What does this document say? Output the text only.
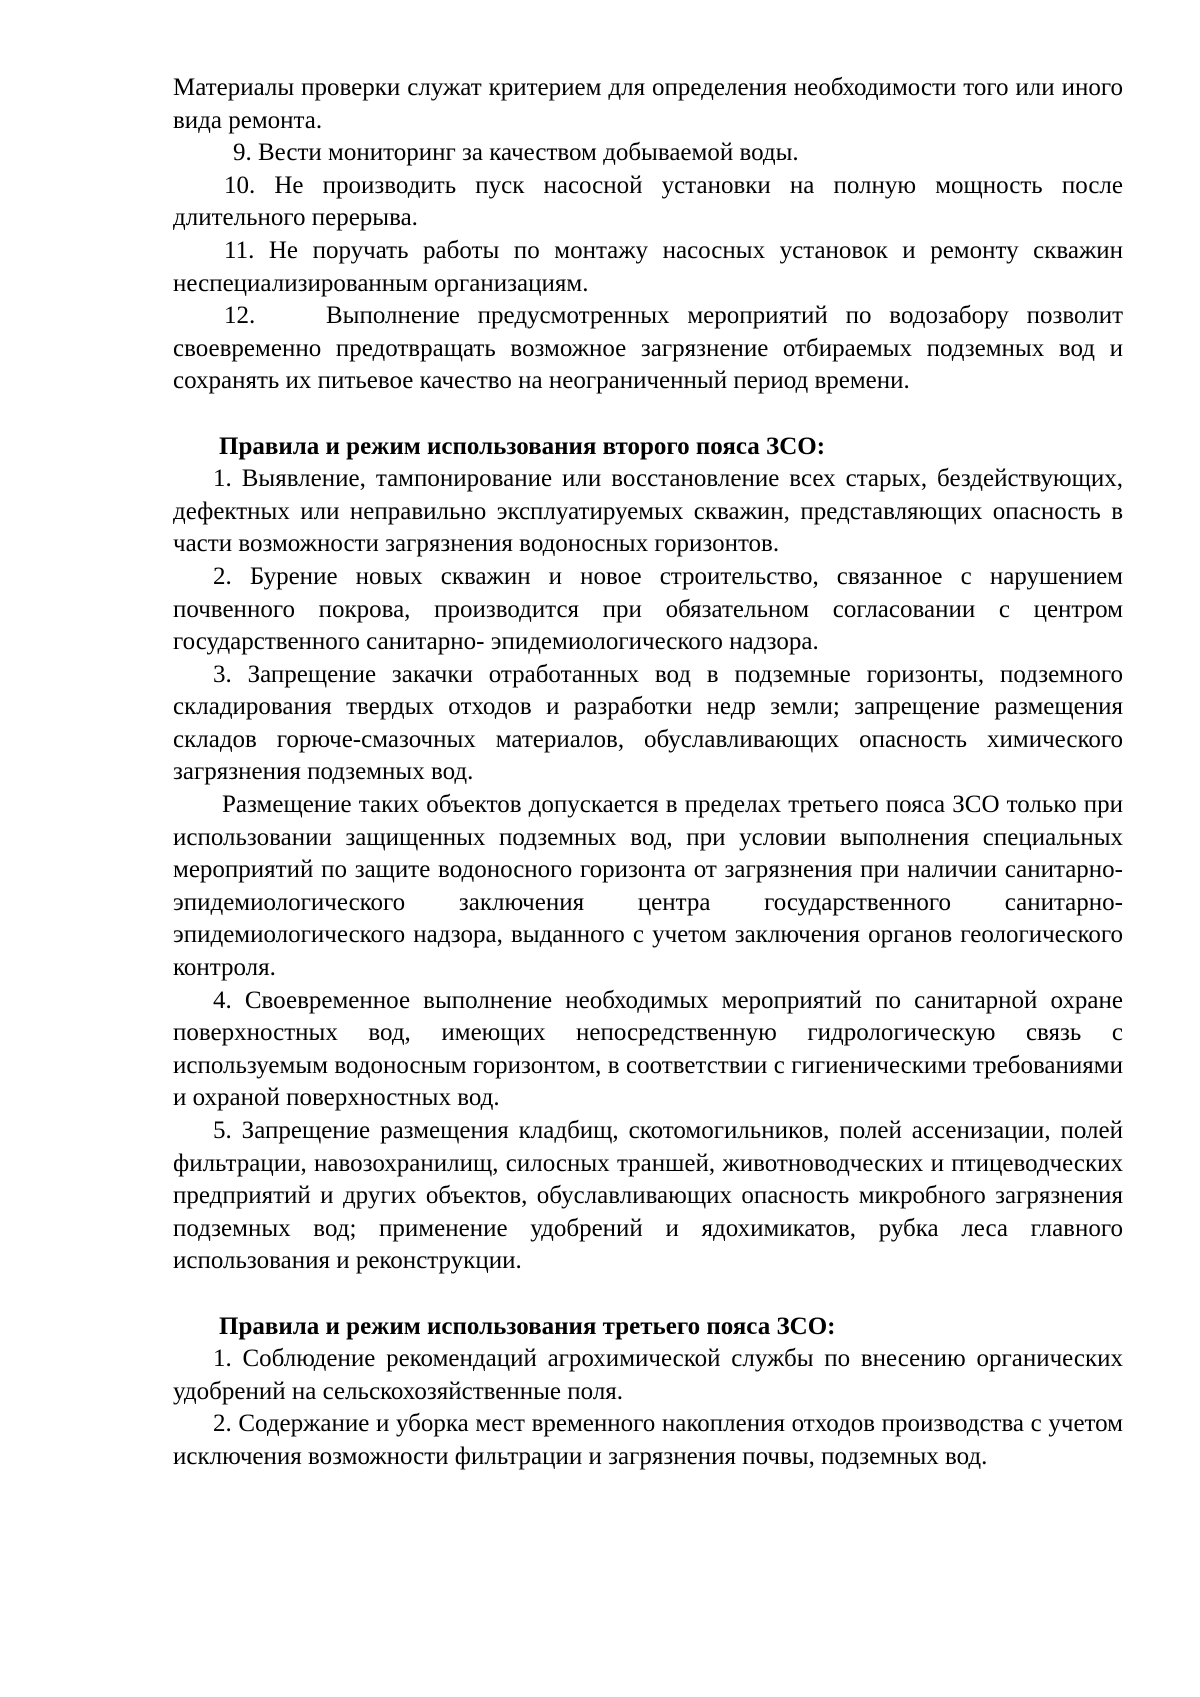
Материалы проверки служат критерием для определения необходимости того или иного вида ремонта.

9. Вести мониторинг за качеством добываемой воды.

10. Не производить пуск насосной установки на полную мощность после длительного перерыва.

11. Не поручать работы по монтажу насосных установок и ремонту скважин неспециализированным организациям.

12.	Выполнение предусмотренных мероприятий по водозабору позволит своевременно предотвращать возможное загрязнение отбираемых подземных вод и сохранять их питьевое качество на неограниченный период времени.

Правила и режим использования второго пояса ЗСО:

1. Выявление, тампонирование или восстановление всех старых, бездействующих, дефектных или неправильно эксплуатируемых скважин, представляющих опасность в части возможности загрязнения водоносных горизонтов.

2. Бурение новых скважин и новое строительство, связанное с нарушением почвенного покрова, производится при обязательном согласовании с центром государственного санитарно- эпидемиологического надзора.

3. Запрещение закачки отработанных вод в подземные горизонты, подземного складирования твердых отходов и разработки недр земли; запрещение размещения складов горюче-смазочных материалов, обуславливающих опасность химического загрязнения подземных вод.

Размещение таких объектов допускается в пределах третьего пояса ЗСО только при использовании защищенных подземных вод, при условии выполнения специальных мероприятий по защите водоносного горизонта от загрязнения при наличии санитарно-эпидемиологического заключения центра государственного санитарно-эпидемиологического надзора, выданного с учетом заключения органов геологического контроля.

4. Своевременное выполнение необходимых мероприятий по санитарной охране поверхностных вод, имеющих непосредственную гидрологическую связь с используемым водоносным горизонтом, в соответствии с гигиеническими требованиями и охраной поверхностных вод.

5. Запрещение размещения кладбищ, скотомогильников, полей ассенизации, полей фильтрации, навозохранилищ, силосных траншей, животноводческих и птицеводческих предприятий и других объектов, обуславливающих опасность микробного загрязнения подземных вод; применение удобрений и ядохимикатов, рубка леса главного использования и реконструкции.

Правила и режим использования третьего пояса ЗСО:

1. Соблюдение рекомендаций агрохимической службы по внесению органических удобрений на сельскохозяйственные поля.

2. Содержание и уборка мест временного накопления отходов производства с учетом исключения возможности фильтрации и загрязнения почвы, подземных вод.
